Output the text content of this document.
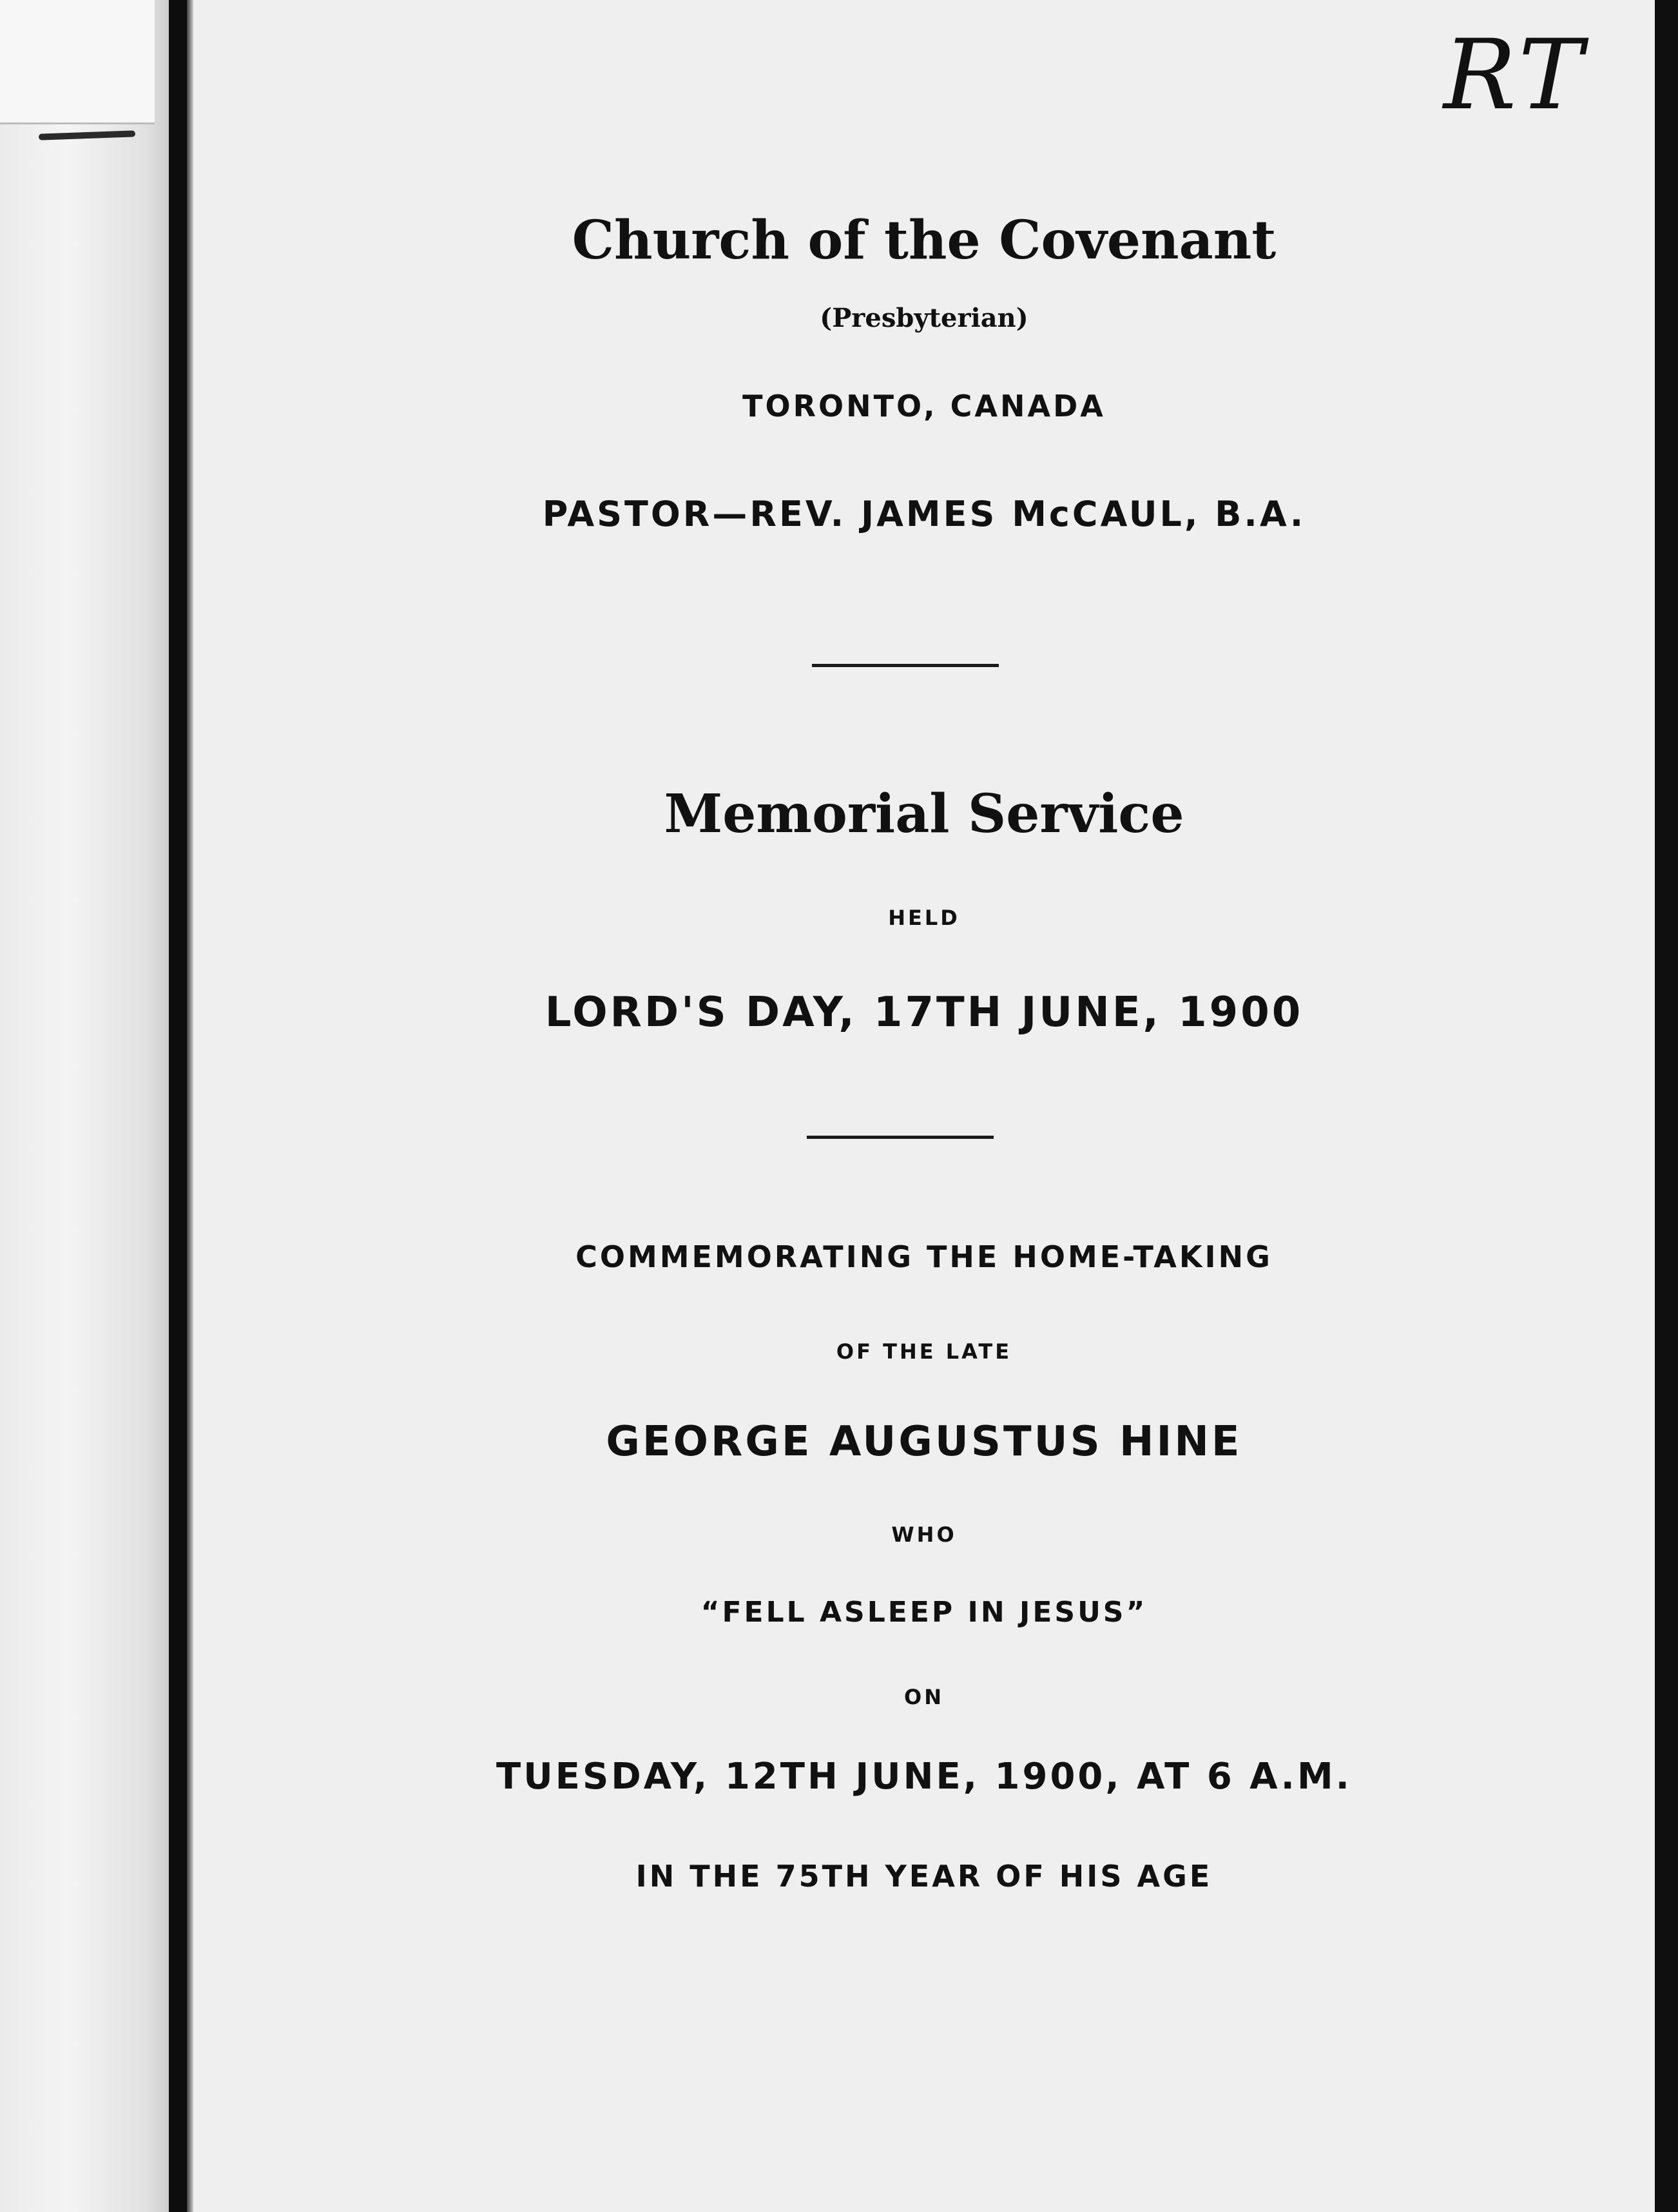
RT
Church of the Covenant
(Presbyterian)
TORONTO, CANADA
PASTOR—REV. JAMES McCAUL, B.A.
Memorial Service
HELD
LORD'S DAY, 17TH JUNE, 1900
COMMEMORATING THE HOME-TAKING
OF THE LATE
GEORGE AUGUSTUS HINE
WHO
“FELL ASLEEP IN JESUS”
ON
TUESDAY, 12TH JUNE, 1900, AT 6 A.M.
IN THE 75TH YEAR OF HIS AGE
